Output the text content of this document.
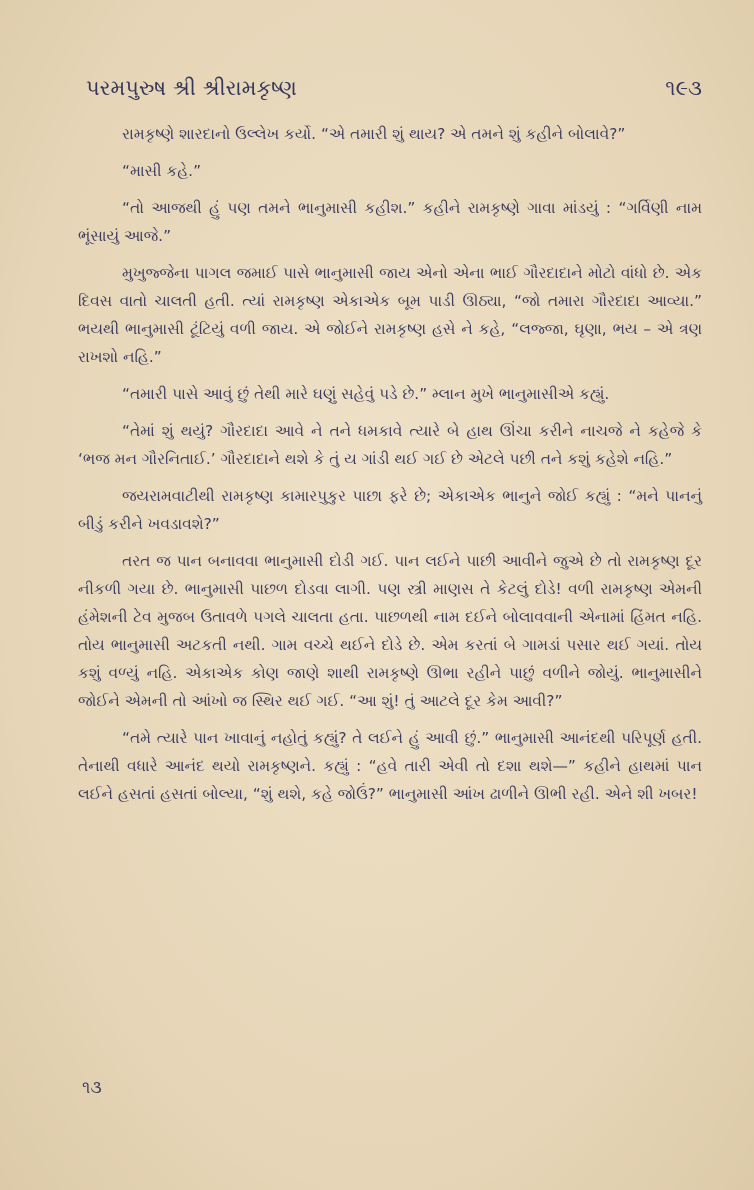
પરમપુરુષ શ્રી શ્રીરામકૃષ્ણ	૧૯૩

રામકૃષ્ણે શારદાનો ઉલ્લેખ કર્યો. “એ તમારી શું થાય? એ તમને શું કહીને બોલાવે?”

“માસી કહે.”

“તો આજથી હું પણ તમને ભાનુમાસી કહીશ.” કહીને રામકૃષ્ણે ગાવા માંડયું : “ગર્વિણી નામ ભૂંસાયું આજે.”

મુખુજ્જેના પાગલ જમાઈ પાસે ભાનુમાસી જાય એનો એના ભાઈ ગૌરદાદાને મોટો વાંધો છે. એક દિવસ વાતો ચાલતી હતી. ત્યાં રામકૃષ્ણ એકાએક બૂમ પાડી ઊઠ્યા, “જો તમારા ગૌરદાદા આવ્યા.” ભયથી ભાનુમાસી ટૂંટિયું વળી જાય. એ જોઈને રામકૃષ્ણ હસે ને કહે, “લજ્જા, ઘૃણા, ભય – એ ત્રણ રાખશો નહિ.”

“તમારી પાસે આવું છું તેથી મારે ઘણું સહેવું પડે છે.” મ્લાન મુખે ભાનુમાસીએ કહ્યું.

“તેમાં શું થયું? ગૌરદાદા આવે ને તને ધમકાવે ત્યારે બે હાથ ઊંચા કરીને નાચજે ને કહેજે કે ‘ભજ મન ગૌરનિતાઈ.’ ગૌરદાદાને થશે કે તું ય ગાંડી થઈ ગઈ છે એટલે પછી તને કશું કહેશે નહિ.”

જયરામવાટીથી રામકૃષ્ણ કામારપુકુર પાછા ફરે છે; એકાએક ભાનુને જોઈ કહ્યું : “મને પાનનું બીડું કરીને ખવડાવશે?”

તરત જ પાન બનાવવા ભાનુમાસી દોડી ગઈ. પાન લઈને પાછી આવીને જુએ છે તો રામકૃષ્ણ દૂર નીકળી ગયા છે. ભાનુમાસી પાછળ દોડવા લાગી. પણ સ્ત્રી માણસ તે કેટલું દોડે! વળી રામકૃષ્ણ એમની હંમેશની ટેવ મુજબ ઉતાવળે પગલે ચાલતા હતા. પાછળથી નામ દઈને બોલાવવાની એનામાં હિંમત નહિ. તોય ભાનુમાસી અટકતી નથી. ગામ વચ્ચે થઈને દોડે છે. એમ કરતાં બે ગામડાં પસાર થઈ ગયાં. તોય કશું વળ્યું નહિ. એકાએક કોણ જાણે શાથી રામકૃષ્ણે ઊભા રહીને પાછું વળીને જોયું. ભાનુમાસીને જોઈને એમની તો આંખો જ સ્થિર થઈ ગઈ. “આ શું! તું આટલે દૂર કેમ આવી?”

“તમે ત્યારે પાન ખાવાનું નહોતું કહ્યું? તે લઈને હું આવી છું.” ભાનુમાસી આનંદથી પરિપૂર્ણ હતી. તેનાથી વધારે આનંદ થયો રામકૃષ્ણને. કહ્યું : “હવે તારી એવી તો દશા થશે—” કહીને હાથમાં પાન લઈને હસતાં હસતાં બોલ્યા, “શું થશે, કહે જોઉં?” ભાનુમાસી આંખ ઢાળીને ઊભી રહી. એને શી ખબર!

૧૩
